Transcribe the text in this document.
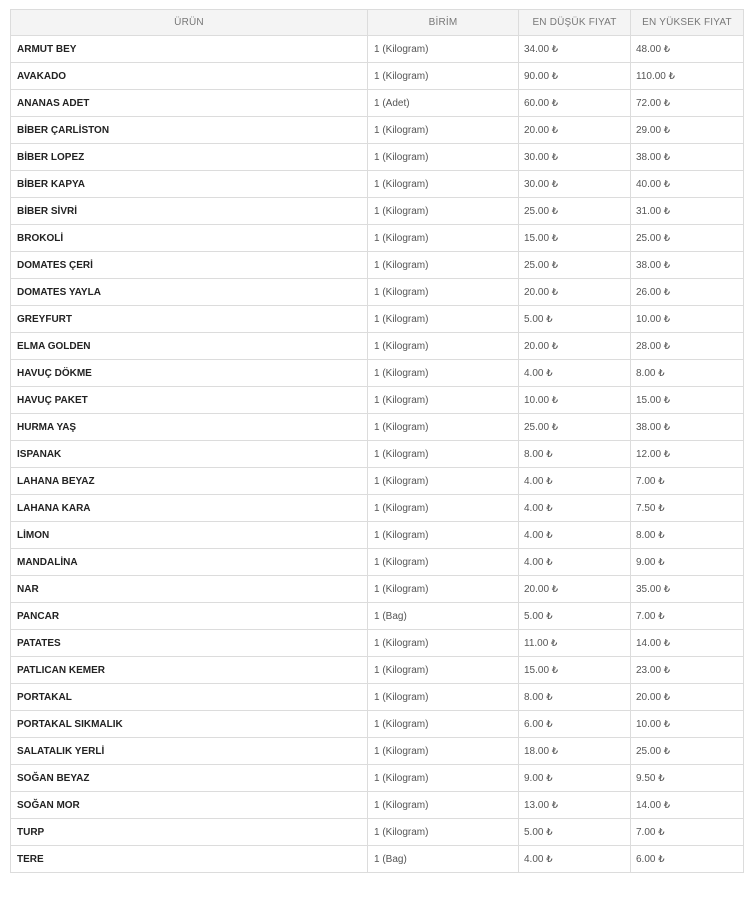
ÜRÜN	BİRİM	EN DÜŞÜK FIYAT	EN YÜKSEK FIYAT
ARMUT BEY	1 (Kilogram)	34.00 ₺	48.00 ₺
AVAKADO	1 (Kilogram)	90.00 ₺	110.00 ₺
ANANAS ADET	1 (Adet)	60.00 ₺	72.00 ₺
BİBER ÇARLİSTON	1 (Kilogram)	20.00 ₺	29.00 ₺
BİBER LOPEZ	1 (Kilogram)	30.00 ₺	38.00 ₺
BİBER KAPYA	1 (Kilogram)	30.00 ₺	40.00 ₺
BİBER SİVRİ	1 (Kilogram)	25.00 ₺	31.00 ₺
BROKOLİ	1 (Kilogram)	15.00 ₺	25.00 ₺
DOMATES ÇERİ	1 (Kilogram)	25.00 ₺	38.00 ₺
DOMATES YAYLA	1 (Kilogram)	20.00 ₺	26.00 ₺
GREYFURT	1 (Kilogram)	5.00 ₺	10.00 ₺
ELMA GOLDEN	1 (Kilogram)	20.00 ₺	28.00 ₺
HAVUÇ DÖKME	1 (Kilogram)	4.00 ₺	8.00 ₺
HAVUÇ PAKET	1 (Kilogram)	10.00 ₺	15.00 ₺
HURMA YAŞ	1 (Kilogram)	25.00 ₺	38.00 ₺
ISPANAK	1 (Kilogram)	8.00 ₺	12.00 ₺
LAHANA BEYAZ	1 (Kilogram)	4.00 ₺	7.00 ₺
LAHANA KARA	1 (Kilogram)	4.00 ₺	7.50 ₺
LİMON	1 (Kilogram)	4.00 ₺	8.00 ₺
MANDALİNA	1 (Kilogram)	4.00 ₺	9.00 ₺
NAR	1 (Kilogram)	20.00 ₺	35.00 ₺
PANCAR	1 (Bag)	5.00 ₺	7.00 ₺
PATATES	1 (Kilogram)	11.00 ₺	14.00 ₺
PATLICAN KEMER	1 (Kilogram)	15.00 ₺	23.00 ₺
PORTAKAL	1 (Kilogram)	8.00 ₺	20.00 ₺
PORTAKAL SIKMALIK	1 (Kilogram)	6.00 ₺	10.00 ₺
SALATALIK YERLİ	1 (Kilogram)	18.00 ₺	25.00 ₺
SOĞAN BEYAZ	1 (Kilogram)	9.00 ₺	9.50 ₺
SOĞAN MOR	1 (Kilogram)	13.00 ₺	14.00 ₺
TURP	1 (Kilogram)	5.00 ₺	7.00 ₺
TERE	1 (Bag)	4.00 ₺	6.00 ₺
